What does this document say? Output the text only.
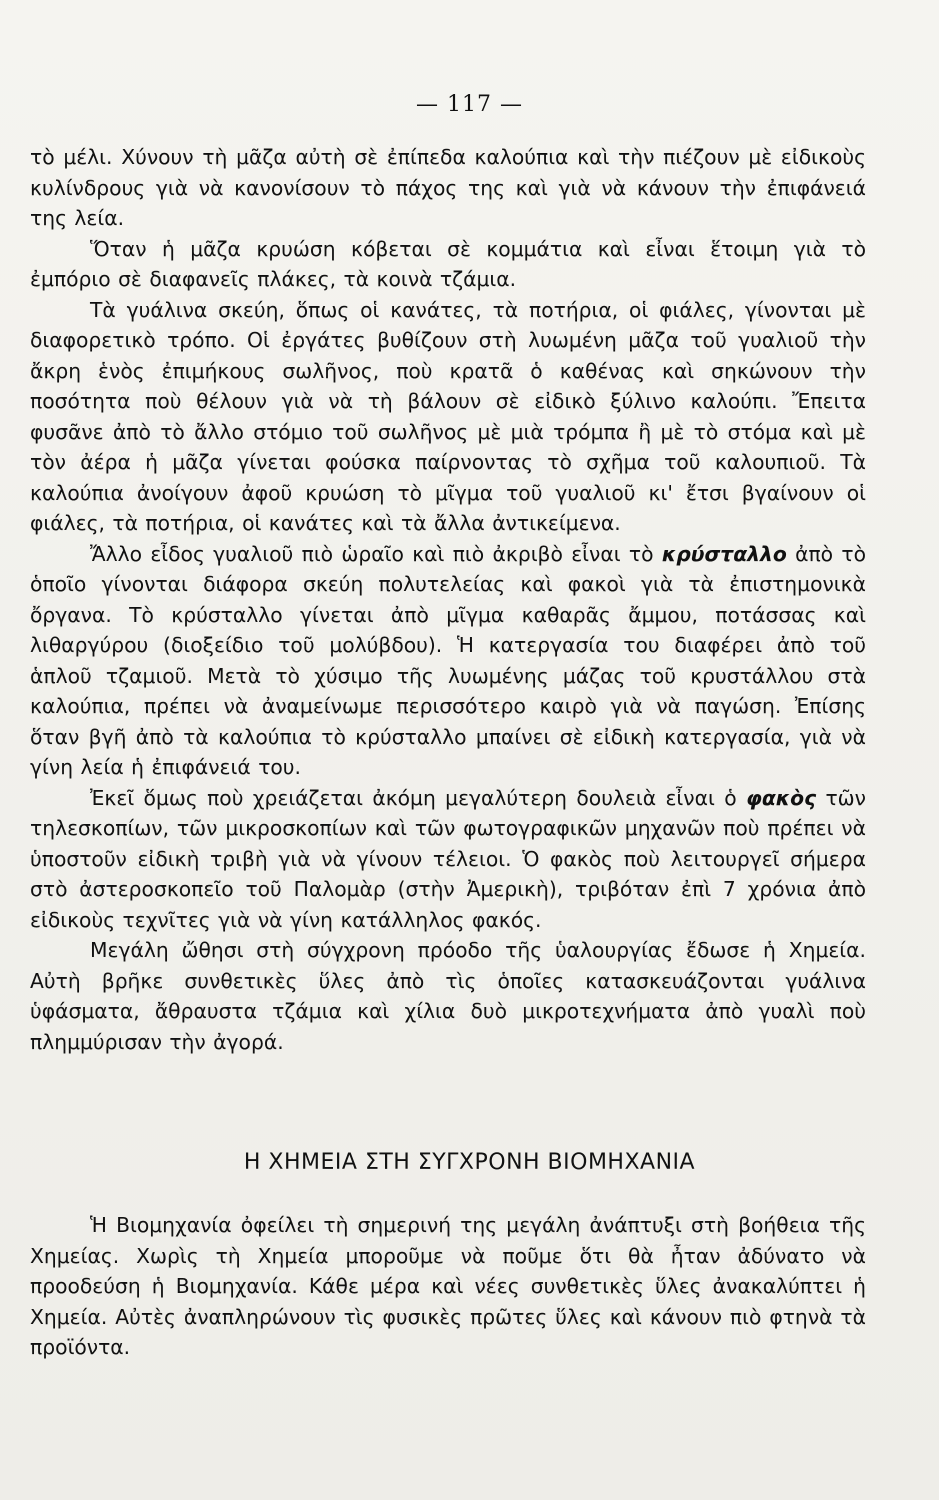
— 117 —

τὸ μέλι. Χύνουν τὴ μᾶζα αὐτὴ σὲ ἐπίπεδα καλούπια καὶ τὴν πιέζουν μὲ εἰδικοὺς κυλίνδρους γιὰ νὰ κανονίσουν τὸ πάχος της καὶ γιὰ νὰ κάνουν τὴν ἐπιφάνειά της λεία.

Ὅταν ἡ μᾶζα κρυώση κόβεται σὲ κομμάτια καὶ εἶναι ἕτοιμη γιὰ τὸ ἐμπόριο σὲ διαφανεῖς πλάκες, τὰ κοινὰ τζάμια.

Τὰ γυάλινα σκεύη, ὅπως οἱ κανάτες, τὰ ποτήρια, οἱ φιάλες, γίνονται μὲ διαφορετικὸ τρόπο. Οἱ ἐργάτες βυθίζουν στὴ λυωμένη μᾶζα τοῦ γυαλιοῦ τὴν ἄκρη ἑνὸς ἐπιμήκους σωλῆνος, ποὺ κρατᾶ ὁ καθένας καὶ σηκώνουν τὴν ποσότητα ποὺ θέλουν γιὰ νὰ τὴ βάλουν σὲ εἰδικὸ ξύλινο καλούπι. Ἔπειτα φυσᾶνε ἀπὸ τὸ ἄλλο στόμιο τοῦ σωλῆνος μὲ μιὰ τρόμπα ἢ μὲ τὸ στόμα καὶ μὲ τὸν ἀέρα ἡ μᾶζα γίνεται φούσκα παίρνοντας τὸ σχῆμα τοῦ καλουπιοῦ. Τὰ καλούπια ἀνοίγουν ἀφοῦ κρυώση τὸ μῖγμα τοῦ γυαλιοῦ κι' ἔτσι βγαίνουν οἱ φιάλες, τὰ ποτήρια, οἱ κανάτες καὶ τὰ ἄλλα ἀντικείμενα.

Ἄλλο εἶδος γυαλιοῦ πιὸ ὡραῖο καὶ πιὸ ἀκριβὸ εἶναι τὸ κρύσταλλο ἀπὸ τὸ ὁποῖο γίνονται διάφορα σκεύη πολυτελείας καὶ φακοὶ γιὰ τὰ ἐπιστημονικὰ ὄργανα. Τὸ κρύσταλλο γίνεται ἀπὸ μῖγμα καθαρᾶς ἄμμου, ποτάσσας καὶ λιθαργύρου (διοξείδιο τοῦ μολύβδου). Ἡ κατεργασία του διαφέρει ἀπὸ τοῦ ἁπλοῦ τζαμιοῦ. Μετὰ τὸ χύσιμο τῆς λυωμένης μάζας τοῦ κρυστάλλου στὰ καλούπια, πρέπει νὰ ἀναμείνωμε περισσότερο καιρὸ γιὰ νὰ παγώση. Ἐπίσης ὅταν βγῆ ἀπὸ τὰ καλούπια τὸ κρύσταλλο μπαίνει σὲ εἰδικὴ κατεργασία, γιὰ νὰ γίνη λεία ἡ ἐπιφάνειά του.

Ἐκεῖ ὅμως ποὺ χρειάζεται ἀκόμη μεγαλύτερη δουλειὰ εἶναι ὁ φακὸς τῶν τηλεσκοπίων, τῶν μικροσκοπίων καὶ τῶν φωτογραφικῶν μηχανῶν ποὺ πρέπει νὰ ὑποστοῦν εἰδικὴ τριβὴ γιὰ νὰ γίνουν τέλειοι. Ὁ φακὸς ποὺ λειτουργεῖ σήμερα στὸ ἀστεροσκοπεῖο τοῦ Παλομὰρ (στὴν Ἀμερικὴ), τριβόταν ἐπὶ 7 χρόνια ἀπὸ εἰδικοὺς τεχνῖτες γιὰ νὰ γίνη κατάλληλος φακός.

Μεγάλη ὤθησι στὴ σύγχρονη πρόοδο τῆς ὑαλουργίας ἔδωσε ἡ Χημεία. Αὐτὴ βρῆκε συνθετικὲς ὕλες ἀπὸ τὶς ὁποῖες κατασκευάζονται γυάλινα ὑφάσματα, ἄθραυστα τζάμια καὶ χίλια δυὸ μικροτεχνήματα ἀπὸ γυαλὶ ποὺ πλημμύρισαν τὴν ἀγορά.

Η ΧΗΜΕΙΑ ΣΤΗ ΣΥΓΧΡΟΝΗ ΒΙΟΜΗΧΑΝΙΑ

Ἡ Βιομηχανία ὀφείλει τὴ σημερινή της μεγάλη ἀνάπτυξι στὴ βοήθεια τῆς Χημείας. Χωρὶς τὴ Χημεία μποροῦμε νὰ ποῦμε ὅτι θὰ ἦταν ἀδύνατο νὰ προοδεύση ἡ Βιομηχανία. Κάθε μέρα καὶ νέες συνθετικὲς ὕλες ἀνακαλύπτει ἡ Χημεία. Αὐτὲς ἀναπληρώνουν τὶς φυσικὲς πρῶτες ὕλες καὶ κάνουν πιὸ φτηνὰ τὰ προϊόντα.
